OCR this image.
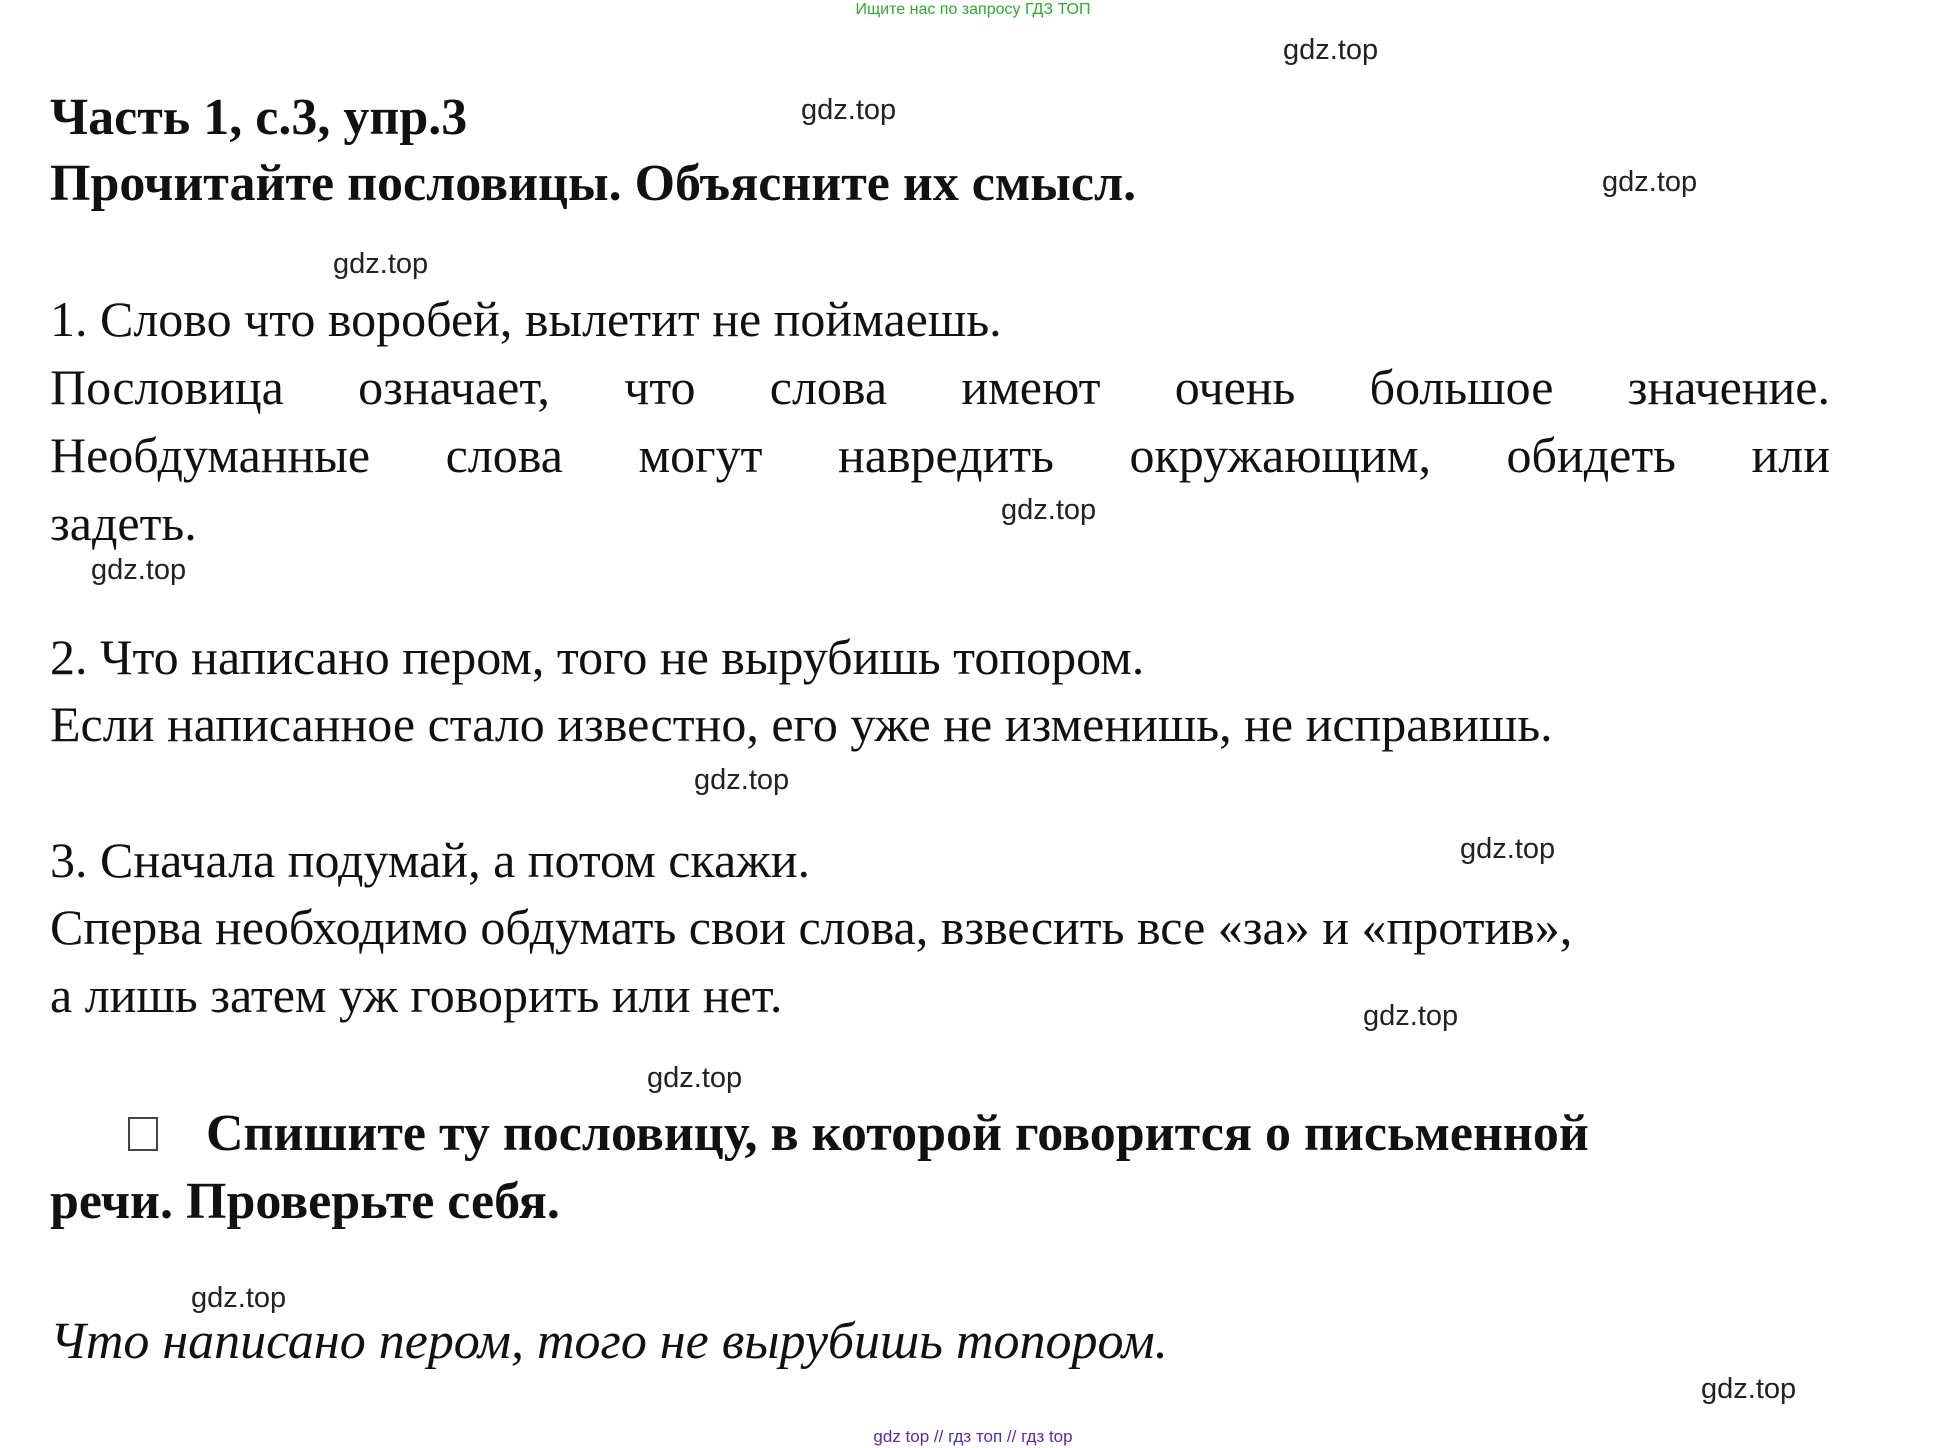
Ищите нас по запросу ГДЗ ТОП
gdz.top
gdz.top
gdz.top
gdz.top
gdz.top
gdz.top
gdz.top
gdz.top
gdz.top
gdz.top
gdz.top
gdz.top
Часть 1, с.3, упр.3
Прочитайте пословицы. Объясните их смысл.
1. Слово что воробей, вылетит не поймаешь.
Пословица означает, что слова имеют очень большое значение.
Необдуманные слова могут навредить окружающим, обидеть или
задеть.
2. Что написано пером, того не вырубишь топором.
Если написанное стало известно, его уже не изменишь, не исправишь.
3. Сначала подумай, а потом скажи.
Сперва необходимо обдумать свои слова, взвесить все «за» и «против»,
а лишь затем уж говорить или нет.
Спишите ту пословицу, в которой говорится о письменной
речи. Проверьте себя.
Что написано пером, того не вырубишь топором.
gdz top // гдз топ // гдз top
